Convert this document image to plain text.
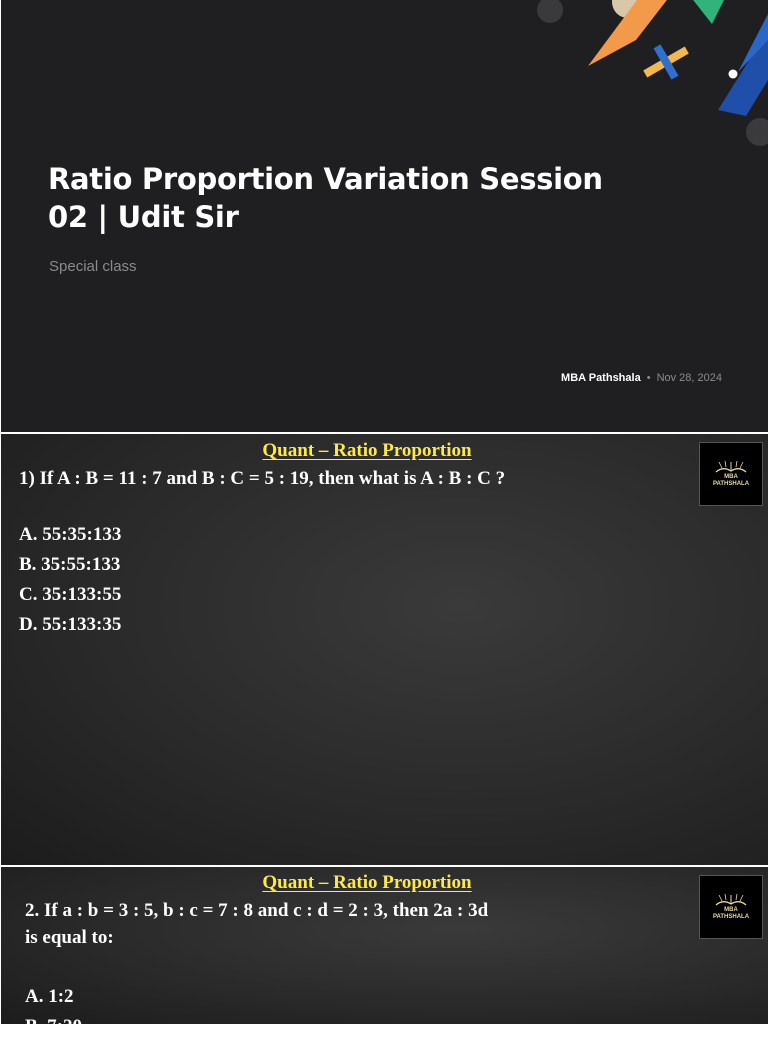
Ratio Proportion Variation Session
02 | Udit Sir
Special class
MBA Pathshala • Nov 28, 2024
Quant – Ratio Proportion
1) If A : B = 11 : 7 and B : C = 5 : 19, then what is A : B : C ?
A. 55:35:133
B. 35:55:133
C. 35:133:55
D. 55:133:35
MBA
PATHSHALA
Quant – Ratio Proportion
2. If a : b = 3 : 5, b : c = 7 : 8 and c : d = 2 : 3, then 2a : 3d
is equal to:
A. 1:2
B. 7:20
MBA
PATHSHALA
